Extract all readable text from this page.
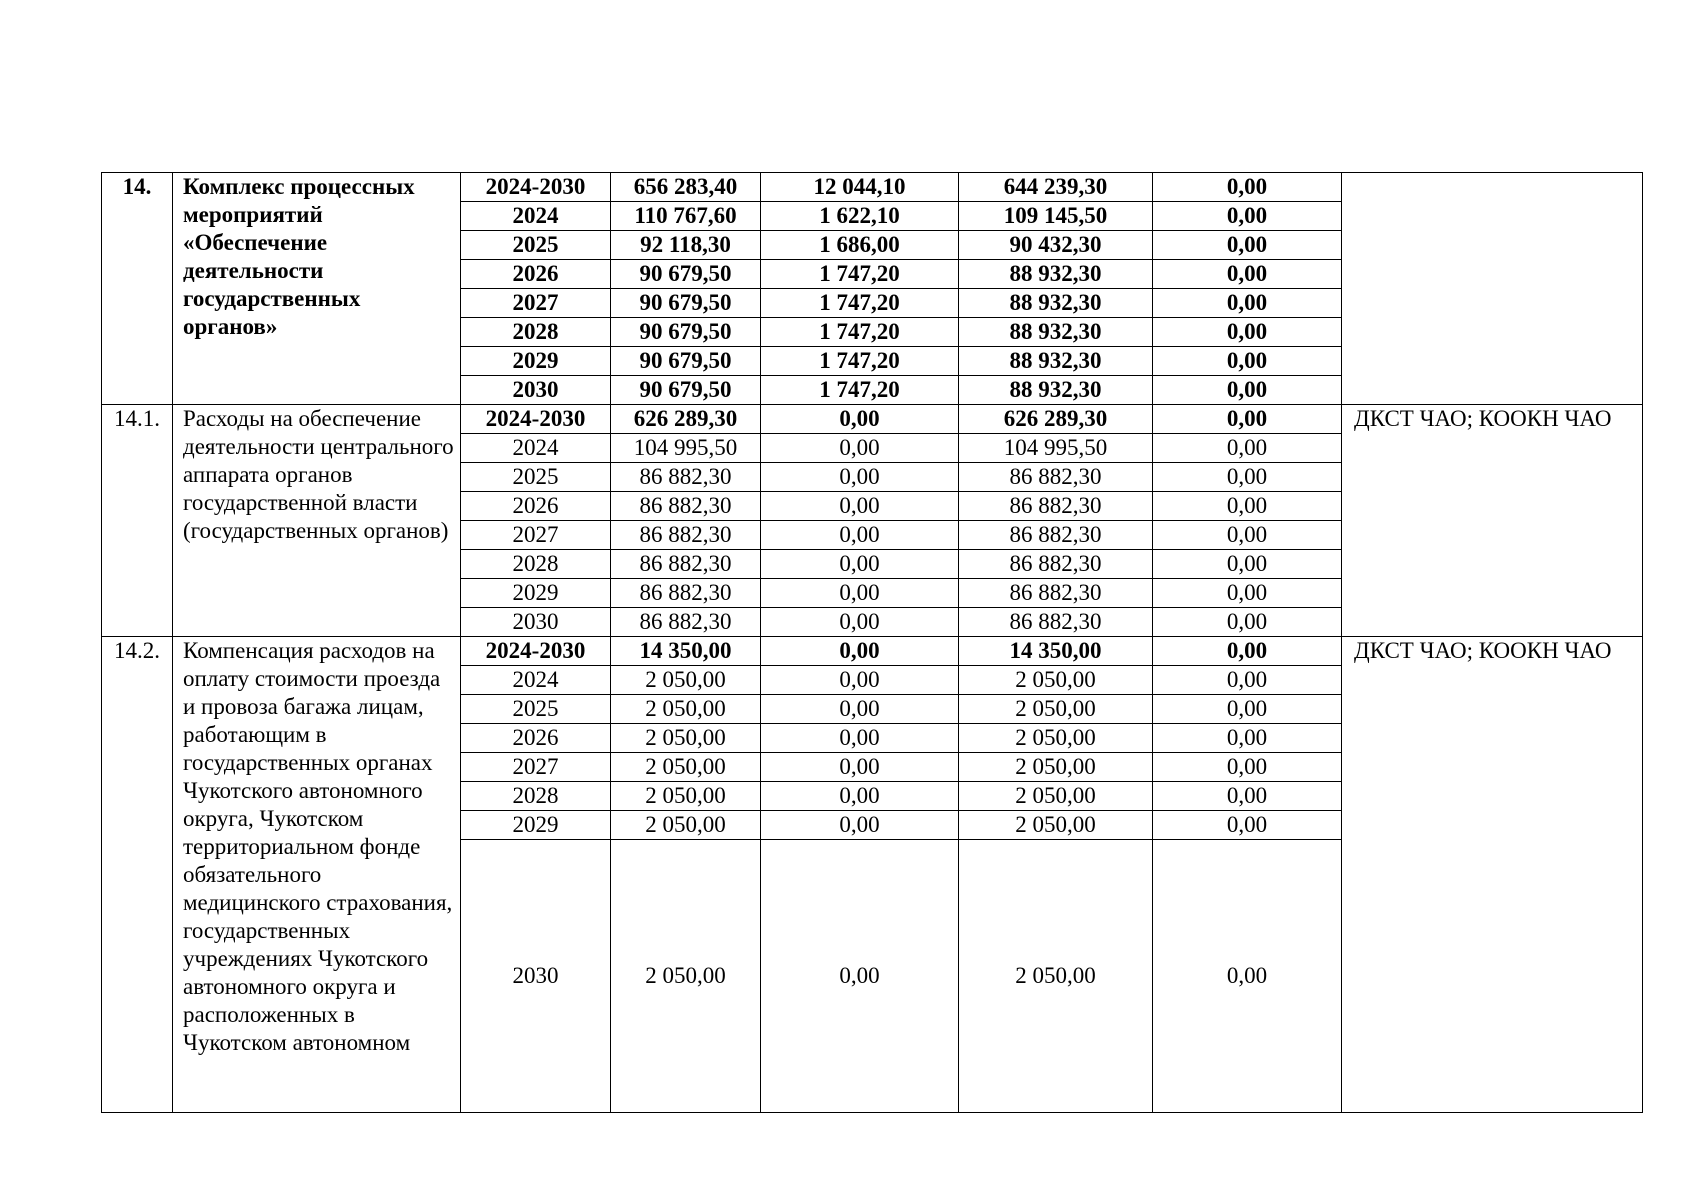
14.	Комплекс процессных мероприятий «Обеспечение деятельности государственных органов»	2024-2030	656 283,40	12 044,10	644 239,30	0,00	
		2024	110 767,60	1 622,10	109 145,50	0,00	
		2025	92 118,30	1 686,00	90 432,30	0,00	
		2026	90 679,50	1 747,20	88 932,30	0,00	
		2027	90 679,50	1 747,20	88 932,30	0,00	
		2028	90 679,50	1 747,20	88 932,30	0,00	
		2029	90 679,50	1 747,20	88 932,30	0,00	
		2030	90 679,50	1 747,20	88 932,30	0,00	
14.1.	Расходы на обеспечение деятельности центрального аппарата органов государственной власти (государственных органов)	2024-2030	626 289,30	0,00	626 289,30	0,00	ДКСТ ЧАО; КООКН ЧАО
		2024	104 995,50	0,00	104 995,50	0,00	
		2025	86 882,30	0,00	86 882,30	0,00	
		2026	86 882,30	0,00	86 882,30	0,00	
		2027	86 882,30	0,00	86 882,30	0,00	
		2028	86 882,30	0,00	86 882,30	0,00	
		2029	86 882,30	0,00	86 882,30	0,00	
		2030	86 882,30	0,00	86 882,30	0,00	
14.2.	Компенсация расходов на оплату стоимости проезда и провоза багажа лицам, работающим в государственных органах Чукотского автономного округа, Чукотском территориальном фонде обязательного медицинского страхования, государственных учреждениях Чукотского автономного округа и расположенных в Чукотском автономном	2024-2030	14 350,00	0,00	14 350,00	0,00	ДКСТ ЧАО; КООКН ЧАО
		2024	2 050,00	0,00	2 050,00	0,00	
		2025	2 050,00	0,00	2 050,00	0,00	
		2026	2 050,00	0,00	2 050,00	0,00	
		2027	2 050,00	0,00	2 050,00	0,00	
		2028	2 050,00	0,00	2 050,00	0,00	
		2029	2 050,00	0,00	2 050,00	0,00	
		2030	2 050,00	0,00	2 050,00	0,00	
